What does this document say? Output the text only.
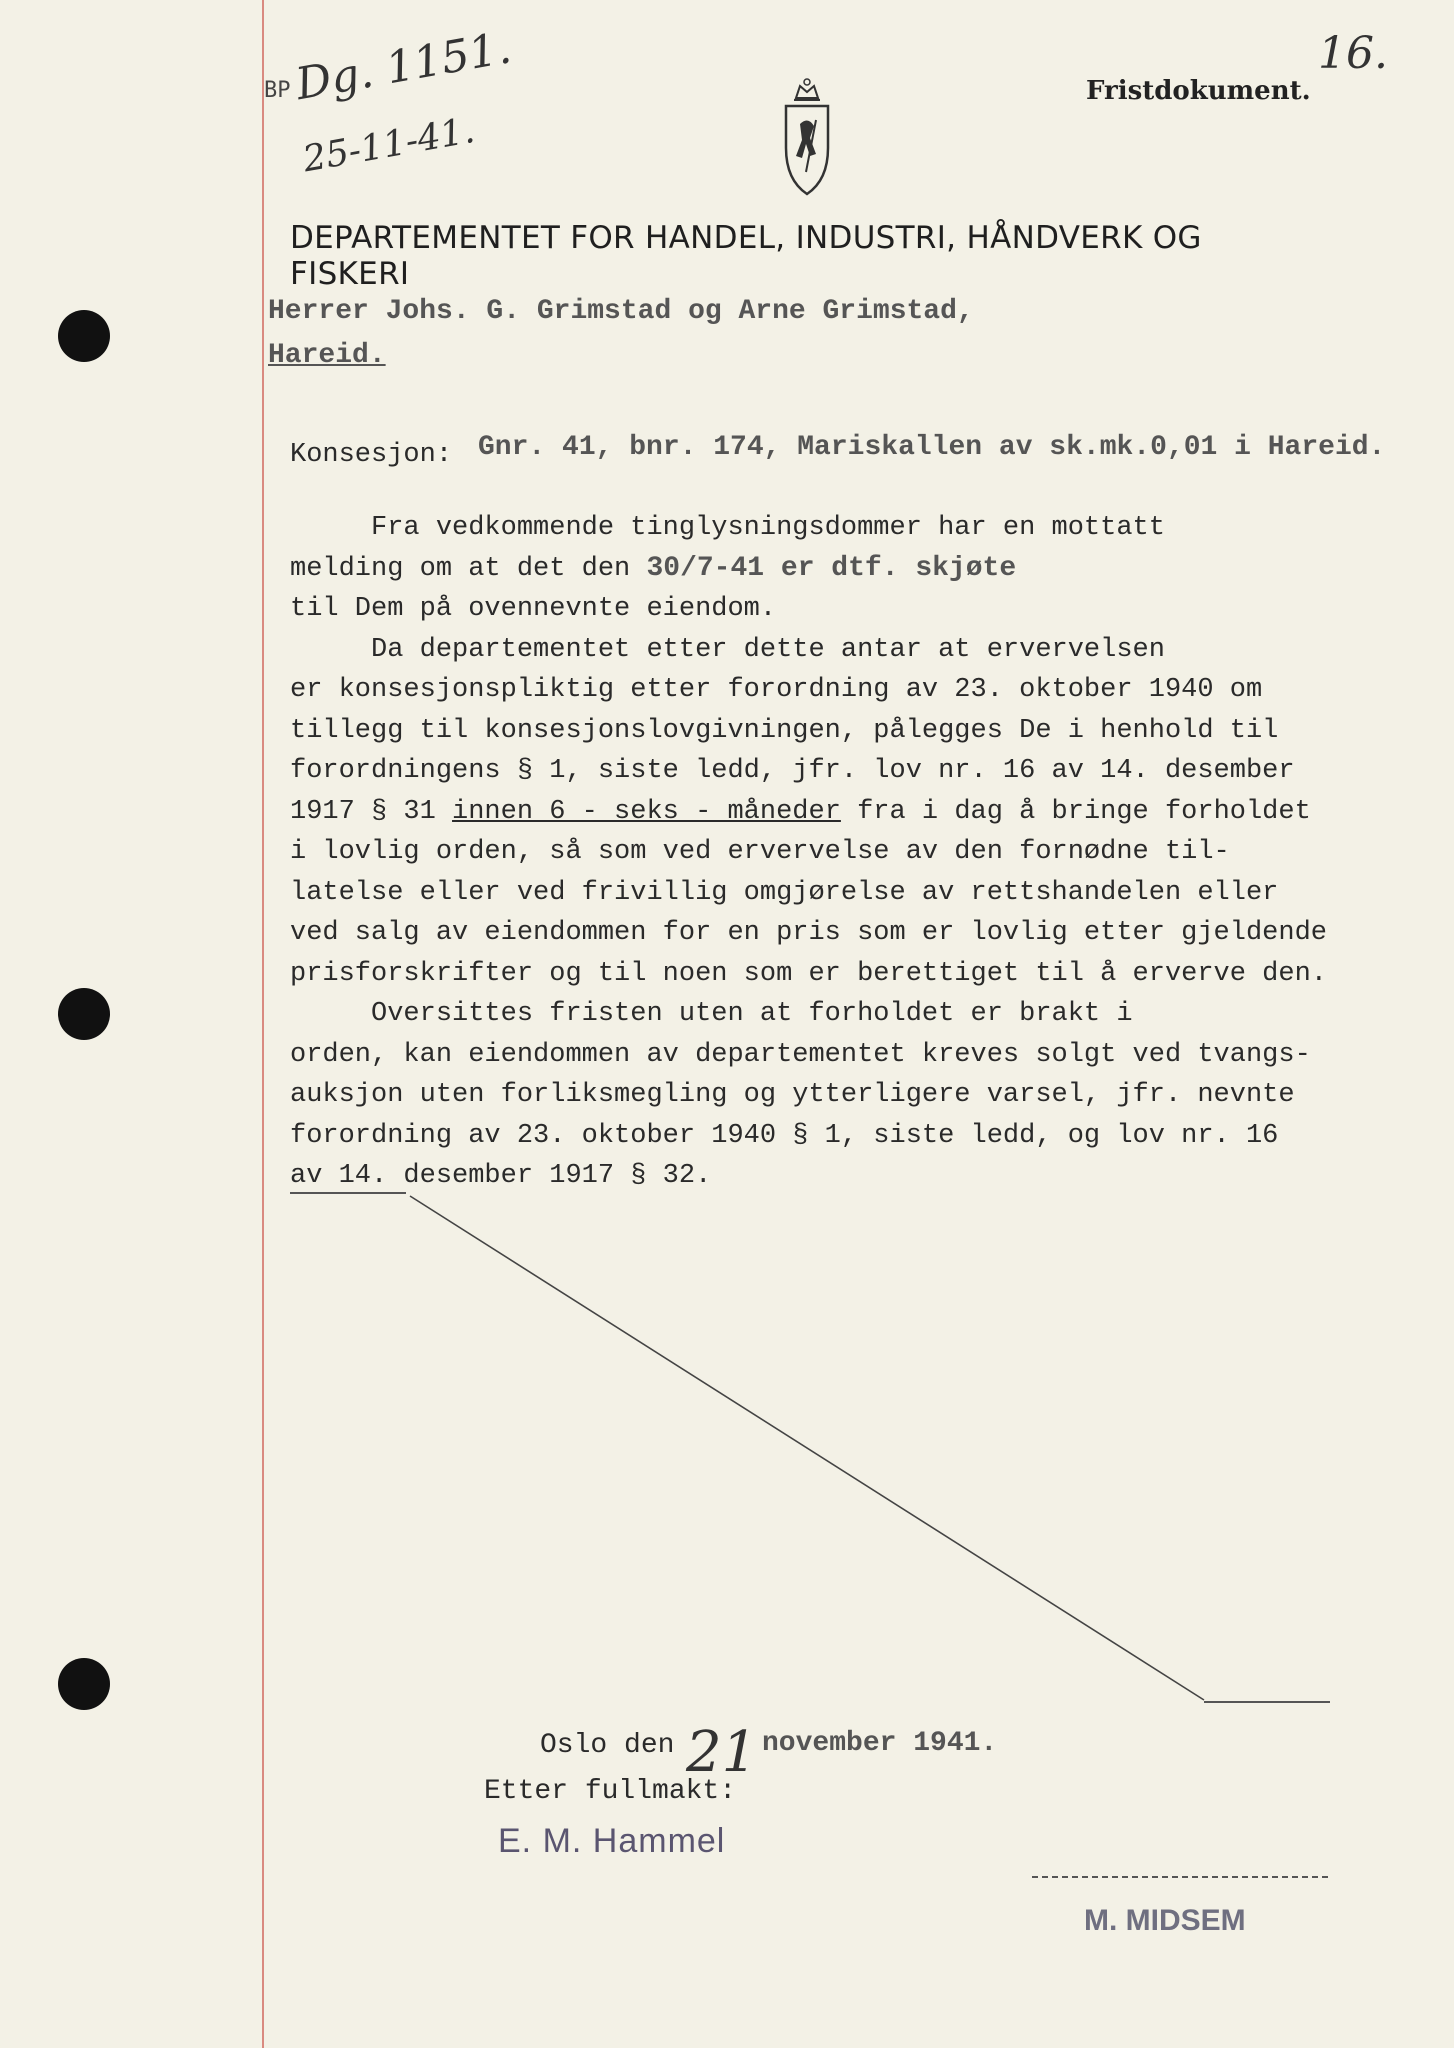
BP Dg. 1151.
25-11-41.
16.
Fristdokument.
DEPARTEMENTET FOR HANDEL, INDUSTRI, HÅNDVERK OG FISKERI
Herrer Johs. G. Grimstad og Arne Grimstad,
Hareid.
Konsesjon: Gnr. 41, bnr. 174, Mariskallen av sk.mk.0,01 i Hareid.

Fra vedkommende tinglysningsdommer har en mottatt

melding om at det den 30/7-41 er dtf. skjøte

til Dem på ovennevnte eiendom.

Da departementet etter dette antar at ervervelsen

er konsesjonspliktig etter forordning av 23. oktober 1940 om

tillegg til konsesjonslovgivningen, pålegges De i henhold til

forordningens § 1, siste ledd, jfr. lov nr. 16 av 14. desember

1917 § 31 innen 6 - seks - måneder fra i dag å bringe forholdet

i lovlig orden, så som ved ervervelse av den fornødne til-

latelse eller ved frivillig omgjørelse av rettshandelen eller

ved salg av eiendommen for en pris som er lovlig etter gjeldende

prisforskrifter og til noen som er berettiget til å erverve den.

Oversittes fristen uten at forholdet er brakt i

orden, kan eiendommen av departementet kreves solgt ved tvangs-

auksjon uten forliksmegling og ytterligere varsel, jfr. nevnte

forordning av 23. oktober 1940 § 1, siste ledd, og lov nr. 16

av 14. desember 1917 § 32.

Oslo den 21 november 1941.
Etter fullmakt:
E. M. Hammel
M. MIDSEM
